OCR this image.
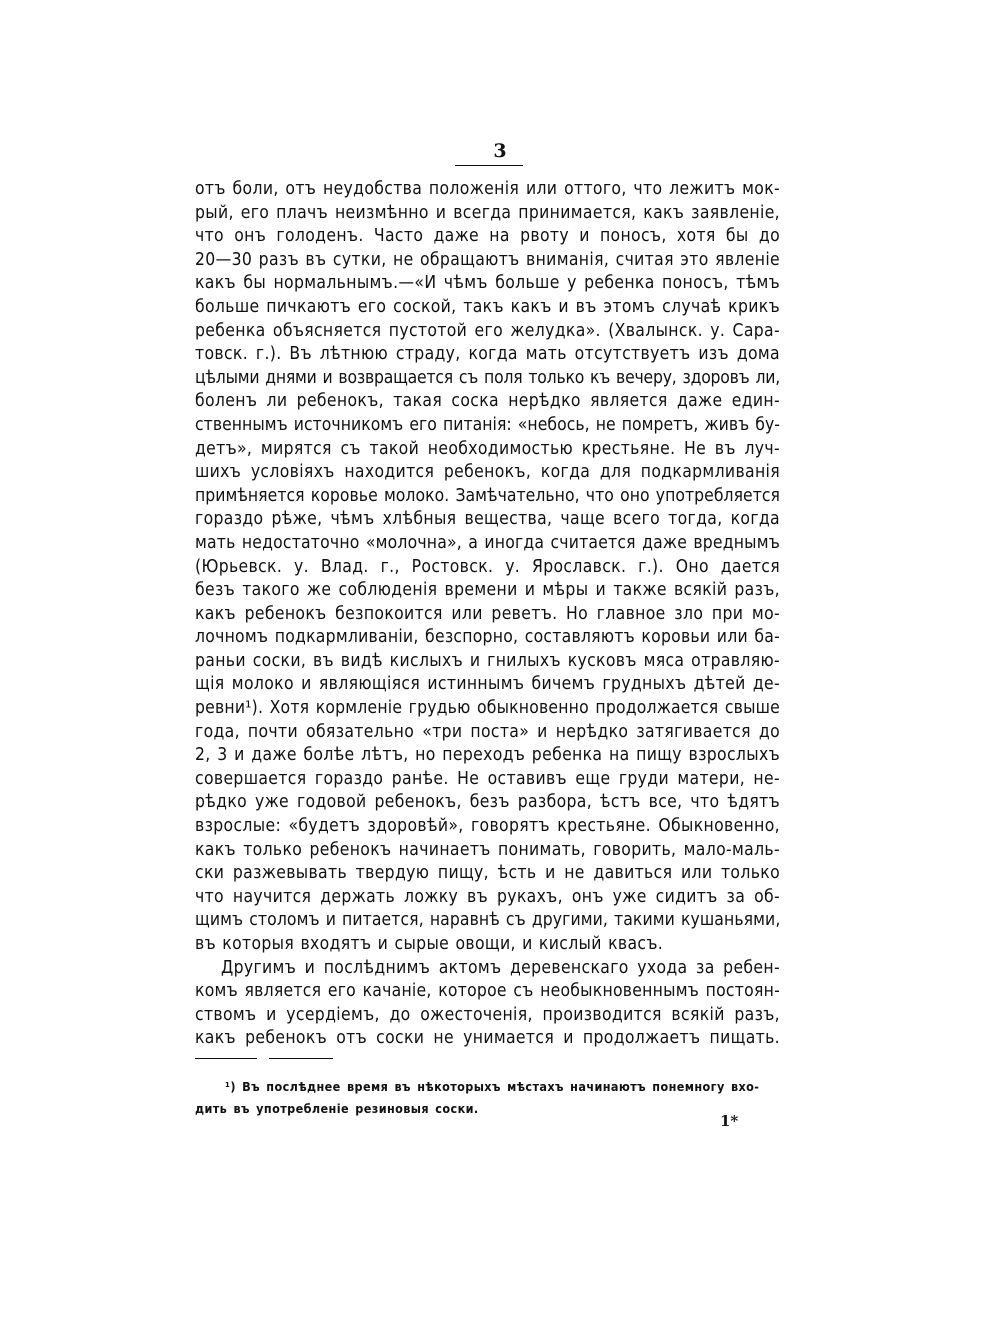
3
отъ боли, отъ неудобства положенія или оттого, что лежитъ мок-
рый, его плачъ неизмѣнно и всегда принимается, какъ заявленіе,
что онъ голоденъ. Часто даже на рвоту и поносъ, хотя бы до
20—30 разъ въ сутки, не обращаютъ вниманія, считая это явленіе
какъ бы нормальнымъ.—«И чѣмъ больше у ребенка поносъ, тѣмъ
больше пичкаютъ его соской, такъ какъ и въ этомъ случаѣ крикъ
ребенка объясняется пустотой его желудка». (Хвалынск. у. Сара-
товск. г.). Въ лѣтнюю страду, когда мать отсутствуетъ изъ дома
цѣлыми днями и возвращается съ поля только къ вечеру, здоровъ ли,
боленъ ли ребенокъ, такая соска нерѣдко является даже един-
ственнымъ источникомъ его питанія: «небось, не помретъ, живъ бу-
детъ», мирятся съ такой необходимостью крестьяне. Не въ луч-
шихъ условіяхъ находится ребенокъ, когда для подкармливанія
примѣняется коровье молоко. Замѣчательно, что оно употребляется
гораздо рѣже, чѣмъ хлѣбныя вещества, чаще всего тогда, когда
мать недостаточно «молочна», а иногда считается даже вреднымъ
(Юрьевск. у. Влад. г., Ростовск. у. Ярославск. г.). Оно дается
безъ такого же соблюденія времени и мѣры и также всякій разъ,
какъ ребенокъ безпокоится или реветъ. Но главное зло при мо-
лочномъ подкармливаніи, безспорно, составляютъ коровьи или ба-
раньи соски, въ видѣ кислыхъ и гнилыхъ кусковъ мяса отравляю-
щія молоко и являющіяся истиннымъ бичемъ грудныхъ дѣтей де-
ревни¹). Хотя кормленіе грудью обыкновенно продолжается свыше
года, почти обязательно «три поста» и нерѣдко затягивается до
2, 3 и даже болѣе лѣтъ, но переходъ ребенка на пищу взрослыхъ
совершается гораздо ранѣе. Не оставивъ еще груди матери, не-
рѣдко уже годовой ребенокъ, безъ разбора, ѣстъ все, что ѣдятъ
взрослые: «будетъ здоровѣй», говорятъ крестьяне. Обыкновенно,
какъ только ребенокъ начинаетъ понимать, говорить, мало-маль-
ски разжевывать твердую пищу, ѣсть и не давиться или только
что научится держать ложку въ рукахъ, онъ уже сидитъ за об-
щимъ столомъ и питается, наравнѣ съ другими, такими кушаньями,
въ которыя входятъ и сырые овощи, и кислый квасъ.
Другимъ и послѣднимъ актомъ деревенскаго ухода за ребен-
комъ является его качаніе, которое съ необыкновеннымъ постоян-
ствомъ и усердіемъ, до ожесточенія, производится всякій разъ,
какъ ребенокъ отъ соски не унимается и продолжаетъ пищать.
¹) Въ послѣднее время въ нѣкоторыхъ мѣстахъ начинаютъ понемногу вхо-
дить въ употребленіе резиновыя соски.
1*
